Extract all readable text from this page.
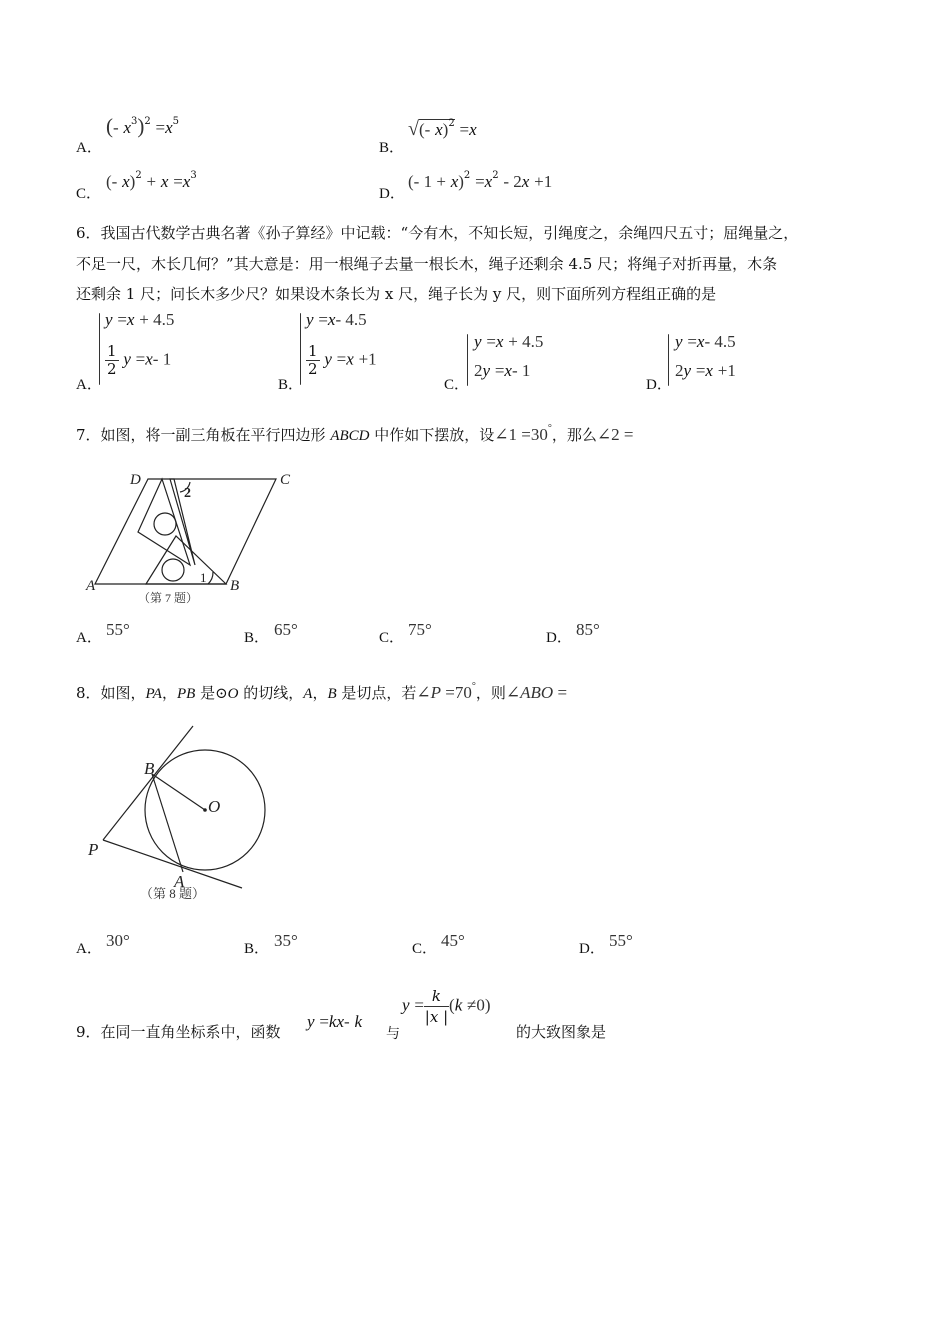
A．
(- $x^3)^2 =x^5$
B．
√(- x)$^2$ =x
C．
(- $x)^2 + x =x^3$
D．
(- $1 + x)^2 =x^2 - 2x +1$
6．我国古代数学古典名著《孙子算经》中记载：“今有木，不知长短，引绳度之，余绳四尺五寸；屈绳量之，
不足一尺，木长几何？”其大意是：用一根绳子去量一根长木，绳子还剩余 4.5 尺；将绳子对折再量，木条
还剩余 1 尺；问长木多少尺？如果设木条长为 x 尺，绳子长为 y 尺，则下面所列方程组正确的是
A．
y =x + 4.5
$\frac{1}{2}$ y =x- 1
B．
y =x- 4.5
$\frac{1}{2}$ y =x +1
C．
y =x + 4.5
2y =x- 1
D．
y =x- 4.5
2y =x +1
7．如图，将一副三角板在平行四边形 ABCD 中作如下摆放，设∠1 =30°，那么∠2 =
A	B
C
D
2
1
（第 7 题）
A． 55°	B． 65°	C． 75°	D． 85°
8．如图，PA，PB 是⊙O 的切线，A，B 是切点，若∠P =70°，则∠ABO =
B
O
P
A
（第 8 题）
A． 30°	B． 35°	C． 45°	D． 55°
9．在同一直角坐标系中，函数
y =kx- k
与
$y = \frac{k}{|x |} (k \ne 0)$
的大致图象是
